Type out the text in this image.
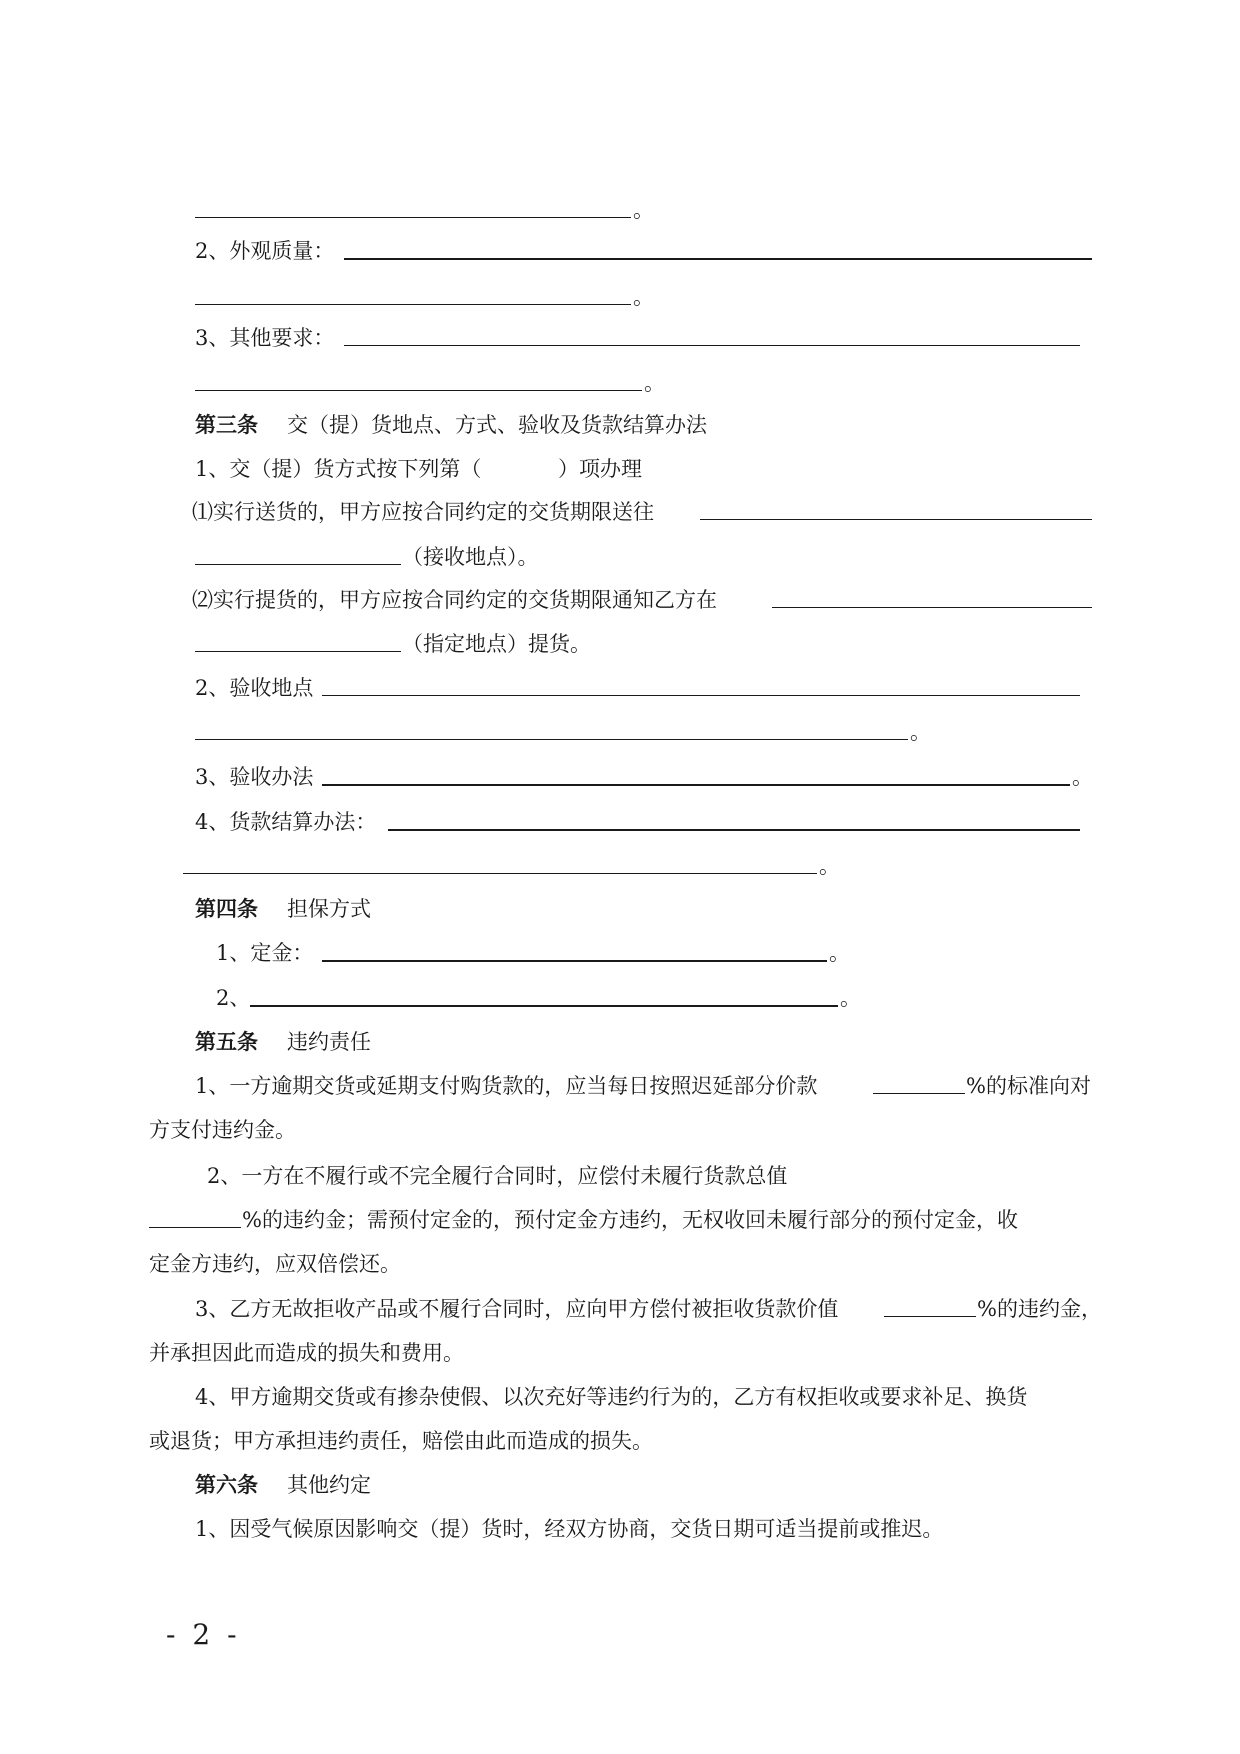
。
2、外观质量：
。
3、其他要求：
。
第三条 交（提）货地点、方式、验收及货款结算办法
1、交（提）货方式按下列第（	）项办理
⑴实行送货的，甲方应按合同约定的交货期限送往
（接收地点）。
⑵实行提货的，甲方应按合同约定的交货期限通知乙方在
（指定地点）提货。
2、验收地点
。
3、验收办法	。
4、货款结算办法：
。
第四条 担保方式
1、定金：	。
2、	。
第五条 违约责任
1、一方逾期交货或延期支付购货款的，应当每日按照迟延部分价款	%的标准向对
方支付违约金。
2、一方在不履行或不完全履行合同时，应偿付未履行货款总值
%的违约金；需预付定金的，预付定金方违约，无权收回未履行部分的预付定金，收
定金方违约，应双倍偿还。
3、乙方无故拒收产品或不履行合同时，应向甲方偿付被拒收货款价值	%的违约金，
并承担因此而造成的损失和费用。
4、甲方逾期交货或有掺杂使假、以次充好等违约行为的，乙方有权拒收或要求补足、换货
或退货；甲方承担违约责任，赔偿由此而造成的损失。
第六条 其他约定
1、因受气候原因影响交（提）货时，经双方协商，交货日期可适当提前或推迟。
- 2 -
